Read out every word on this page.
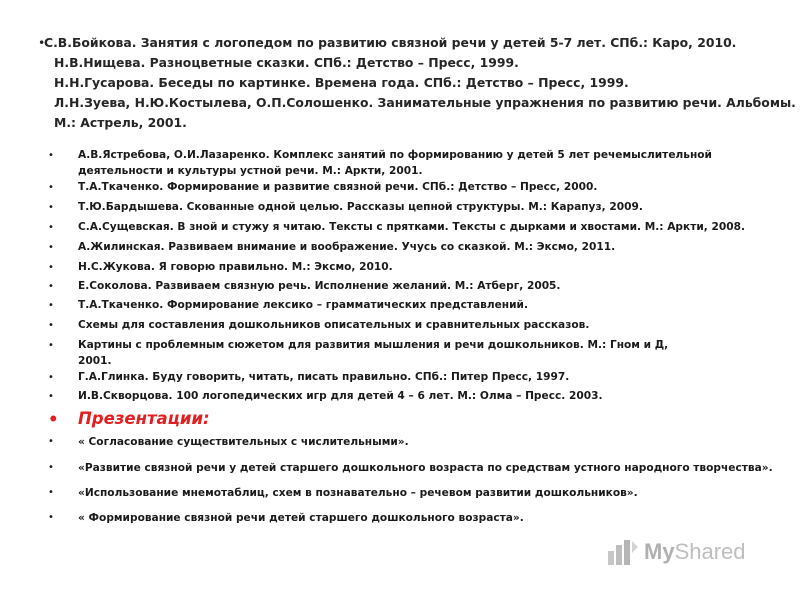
• С.В.Бойкова. Занятия с логопедом по развитию связной речи у детей 5-7 лет. СПб.: Каро, 2010.
Н.В.Нищева. Разноцветные сказки. СПб.: Детство – Пресс, 1999.
Н.Н.Гусарова. Беседы по картинке. Времена года. СПб.: Детство – Пресс, 1999.
Л.Н.Зуева, Н.Ю.Костылева, О.П.Солошенко. Занимательные упражнения по развитию речи. Альбомы.
М.: Астрель, 2001.
• А.В.Ястребова, О.И.Лазаренко. Комплекс занятий по формированию у детей 5 лет речемыслительной
деятельности и культуры устной речи. М.: Аркти, 2001.
• Т.А.Ткаченко. Формирование и развитие связной речи. СПб.: Детство – Пресс, 2000.
• Т.Ю.Бардышева. Скованные одной целью. Рассказы цепной структуры. М.: Карапуз, 2009.
• С.А.Сущевская. В зной и стужу я читаю. Тексты с прятками. Тексты с дырками и хвостами. М.: Аркти, 2008.
• А.Жилинская. Развиваем внимание и воображение. Учусь со сказкой. М.: Эксмо, 2011.
• Н.С.Жукова. Я говорю правильно. М.: Эксмо, 2010.
• Е.Соколова. Развиваем связную речь. Исполнение желаний. М.: Атберг, 2005.
• Т.А.Ткаченко. Формирование лексико – грамматических представлений.
• Схемы для составления дошкольников описательных и сравнительных рассказов.
• Картины с проблемным сюжетом для развития мышления и речи дошкольников. М.: Гном и Д,
2001.
• Г.А.Глинка. Буду говорить, читать, писать правильно. СПб.: Питер Пресс, 1997.
• И.В.Скворцова. 100 логопедических игр для детей 4 – 6 лет. М.: Олма – Пресс. 2003.
• Презентации:
• « Согласование существительных с числительными».
• «Развитие связной речи у детей старшего дошкольного возраста по средствам устного народного творчества».
• «Использование мнемотаблиц, схем в познавательно – речевом развитии дошкольников».
• « Формирование связной речи детей старшего дошкольного возраста».
MyShared
